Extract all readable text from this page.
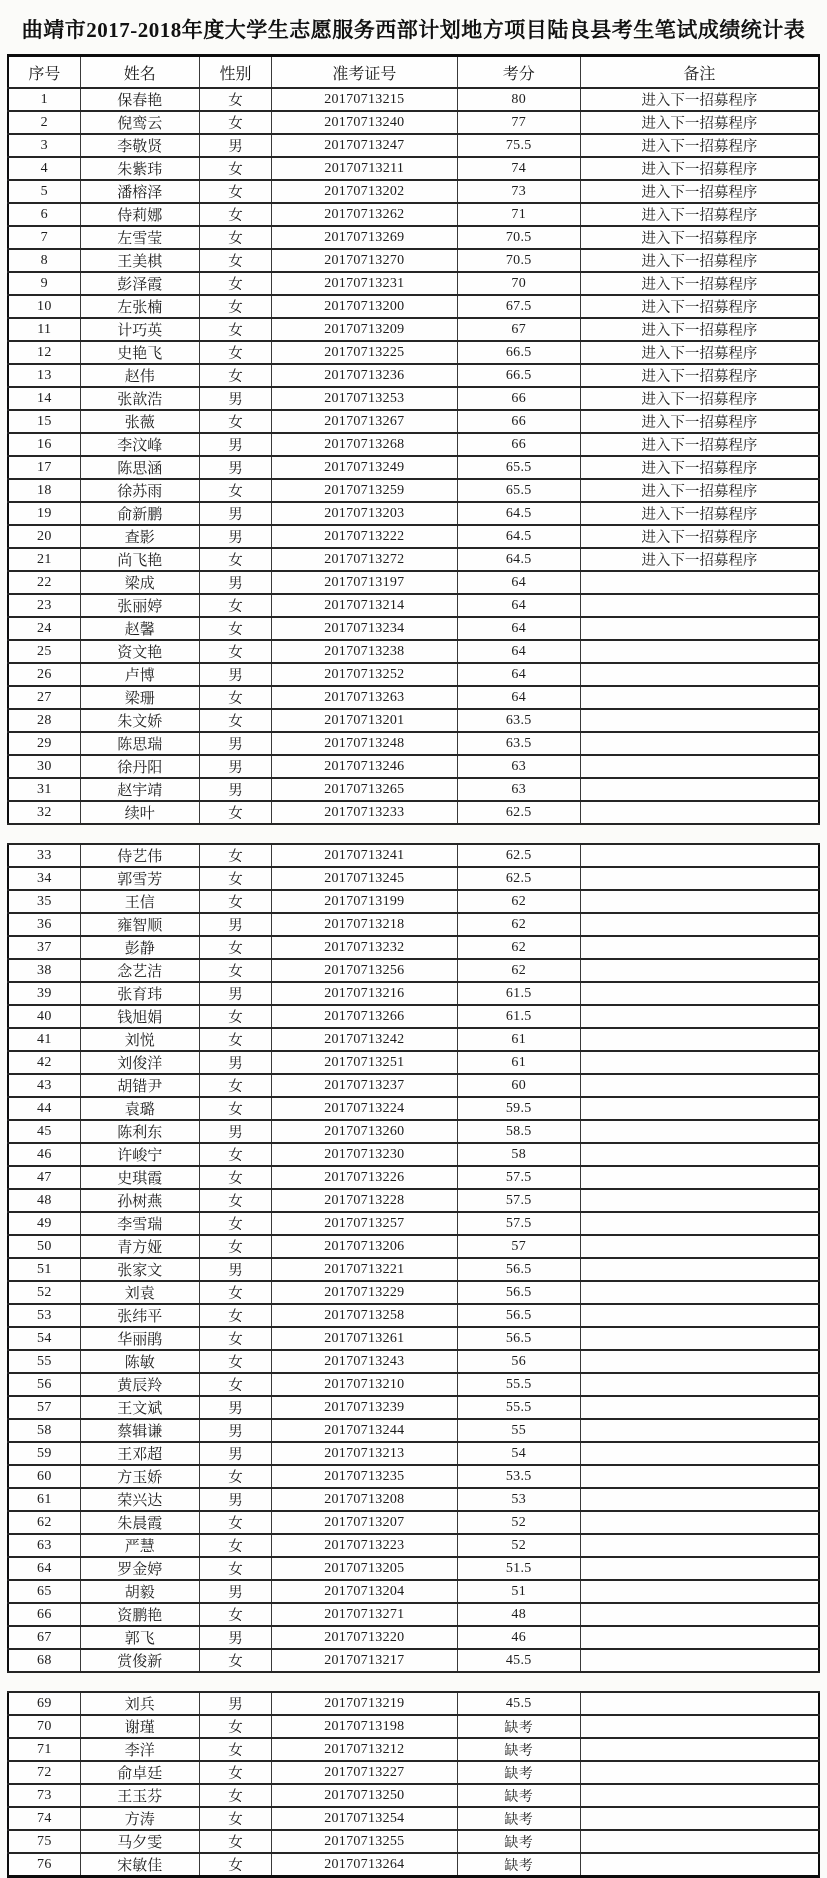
曲靖市2017-2018年度大学生志愿服务西部计划地方项目陆良县考生笔试成绩统计表
序号	姓名	性别	准考证号	考分	备注
1	保春艳	女	20170713215	80	进入下一招募程序
2	倪鸾云	女	20170713240	77	进入下一招募程序
3	李敬贤	男	20170713247	75.5	进入下一招募程序
4	朱紫玮	女	20170713211	74	进入下一招募程序
5	潘榕泽	女	20170713202	73	进入下一招募程序
6	侍莉娜	女	20170713262	71	进入下一招募程序
7	左雪莹	女	20170713269	70.5	进入下一招募程序
8	王美棋	女	20170713270	70.5	进入下一招募程序
9	彭泽霞	女	20170713231	70	进入下一招募程序
10	左张楠	女	20170713200	67.5	进入下一招募程序
11	计巧英	女	20170713209	67	进入下一招募程序
12	史艳飞	女	20170713225	66.5	进入下一招募程序
13	赵伟	女	20170713236	66.5	进入下一招募程序
14	张歆浩	男	20170713253	66	进入下一招募程序
15	张薇	女	20170713267	66	进入下一招募程序
16	李汶峰	男	20170713268	66	进入下一招募程序
17	陈思涵	男	20170713249	65.5	进入下一招募程序
18	徐苏雨	女	20170713259	65.5	进入下一招募程序
19	俞新鹏	男	20170713203	64.5	进入下一招募程序
20	查影	男	20170713222	64.5	进入下一招募程序
21	尚飞艳	女	20170713272	64.5	进入下一招募程序
22	梁成	男	20170713197	64	
23	张丽婷	女	20170713214	64	
24	赵馨	女	20170713234	64	
25	资文艳	女	20170713238	64	
26	卢博	男	20170713252	64	
27	梁珊	女	20170713263	64	
28	朱文娇	女	20170713201	63.5	
29	陈思瑞	男	20170713248	63.5	
30	徐丹阳	男	20170713246	63	
31	赵宇靖	男	20170713265	63	
32	续叶	女	20170713233	62.5	
33	侍艺伟	女	20170713241	62.5	
34	郭雪芳	女	20170713245	62.5	
35	王信	女	20170713199	62	
36	雍智顺	男	20170713218	62	
37	彭静	女	20170713232	62	
38	念艺洁	女	20170713256	62	
39	张育玮	男	20170713216	61.5	
40	钱旭娟	女	20170713266	61.5	
41	刘悦	女	20170713242	61	
42	刘俊洋	男	20170713251	61	
43	胡错尹	女	20170713237	60	
44	袁璐	女	20170713224	59.5	
45	陈利东	男	20170713260	58.5	
46	许峻宁	女	20170713230	58	
47	史琪霞	女	20170713226	57.5	
48	孙树燕	女	20170713228	57.5	
49	李雪瑞	女	20170713257	57.5	
50	青方娅	女	20170713206	57	
51	张家文	男	20170713221	56.5	
52	刘袁	女	20170713229	56.5	
53	张纬平	女	20170713258	56.5	
54	华丽鹃	女	20170713261	56.5	
55	陈敏	女	20170713243	56	
56	黄辰羚	女	20170713210	55.5	
57	王文斌	男	20170713239	55.5	
58	蔡辑谦	男	20170713244	55	
59	王邓超	男	20170713213	54	
60	方玉娇	女	20170713235	53.5	
61	荣兴达	男	20170713208	53	
62	朱晨霞	女	20170713207	52	
63	严慧	女	20170713223	52	
64	罗金婷	女	20170713205	51.5	
65	胡毅	男	20170713204	51	
66	资鹏艳	女	20170713271	48	
67	郭飞	男	20170713220	46	
68	赏俊新	女	20170713217	45.5	
69	刘兵	男	20170713219	45.5	
70	谢瑾	女	20170713198	缺考	
71	李洋	女	20170713212	缺考	
72	俞卓廷	女	20170713227	缺考	
73	王玉芬	女	20170713250	缺考	
74	方涛	女	20170713254	缺考	
75	马夕雯	女	20170713255	缺考	
76	宋敏佳	女	20170713264	缺考	
